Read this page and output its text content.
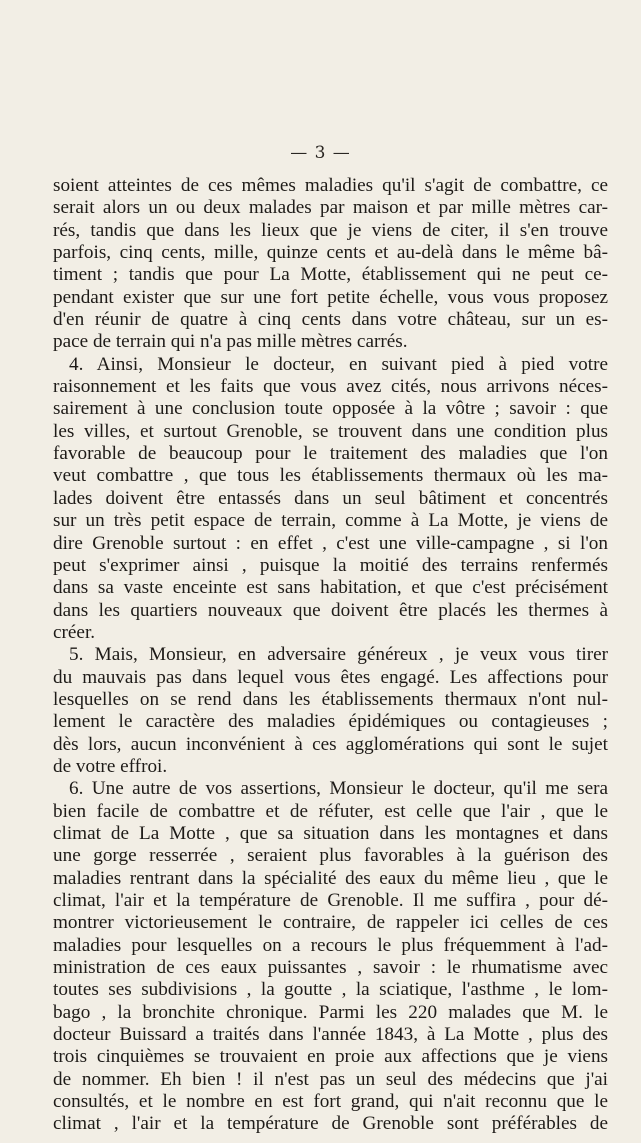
— 3 —
soient atteintes de ces mêmes maladies qu'il s'agit de combattre, ce
serait alors un ou deux malades par maison et par mille mètres car-
rés, tandis que dans les lieux que je viens de citer, il s'en trouve
parfois, cinq cents, mille, quinze cents et au-delà dans le même bâ-
timent ; tandis que pour La Motte, établissement qui ne peut ce-
pendant exister que sur une fort petite échelle, vous vous proposez
d'en réunir de quatre à cinq cents dans votre château, sur un es-
pace de terrain qui n'a pas mille mètres carrés.
4. Ainsi, Monsieur le docteur, en suivant pied à pied votre
raisonnement et les faits que vous avez cités, nous arrivons néces-
sairement à une conclusion toute opposée à la vôtre ; savoir : que
les villes, et surtout Grenoble, se trouvent dans une condition plus
favorable de beaucoup pour le traitement des maladies que l'on
veut combattre , que tous les établissements thermaux où les ma-
lades doivent être entassés dans un seul bâtiment et concentrés
sur un très petit espace de terrain, comme à La Motte, je viens de
dire Grenoble surtout : en effet , c'est une ville-campagne , si l'on
peut s'exprimer ainsi , puisque la moitié des terrains renfermés
dans sa vaste enceinte est sans habitation, et que c'est précisément
dans les quartiers nouveaux que doivent être placés les thermes à
créer.
5. Mais, Monsieur, en adversaire généreux , je veux vous tirer
du mauvais pas dans lequel vous êtes engagé. Les affections pour
lesquelles on se rend dans les établissements thermaux n'ont nul-
lement le caractère des maladies épidémiques ou contagieuses ;
dès lors, aucun inconvénient à ces agglomérations qui sont le sujet
de votre effroi.
6. Une autre de vos assertions, Monsieur le docteur, qu'il me sera
bien facile de combattre et de réfuter, est celle que l'air , que le
climat de La Motte , que sa situation dans les montagnes et dans
une gorge resserrée , seraient plus favorables à la guérison des
maladies rentrant dans la spécialité des eaux du même lieu , que le
climat, l'air et la température de Grenoble. Il me suffira , pour dé-
montrer victorieusement le contraire, de rappeler ici celles de ces
maladies pour lesquelles on a recours le plus fréquemment à l'ad-
ministration de ces eaux puissantes , savoir : le rhumatisme avec
toutes ses subdivisions , la goutte , la sciatique, l'asthme , le lom-
bago , la bronchite chronique. Parmi les 220 malades que M. le
docteur Buissard a traités dans l'année 1843, à La Motte , plus des
trois cinquièmes se trouvaient en proie aux affections que je viens
de nommer. Eh bien ! il n'est pas un seul des médecins que j'ai
consultés, et le nombre en est fort grand, qui n'ait reconnu que le
climat , l'air et la température de Grenoble sont préférables de
